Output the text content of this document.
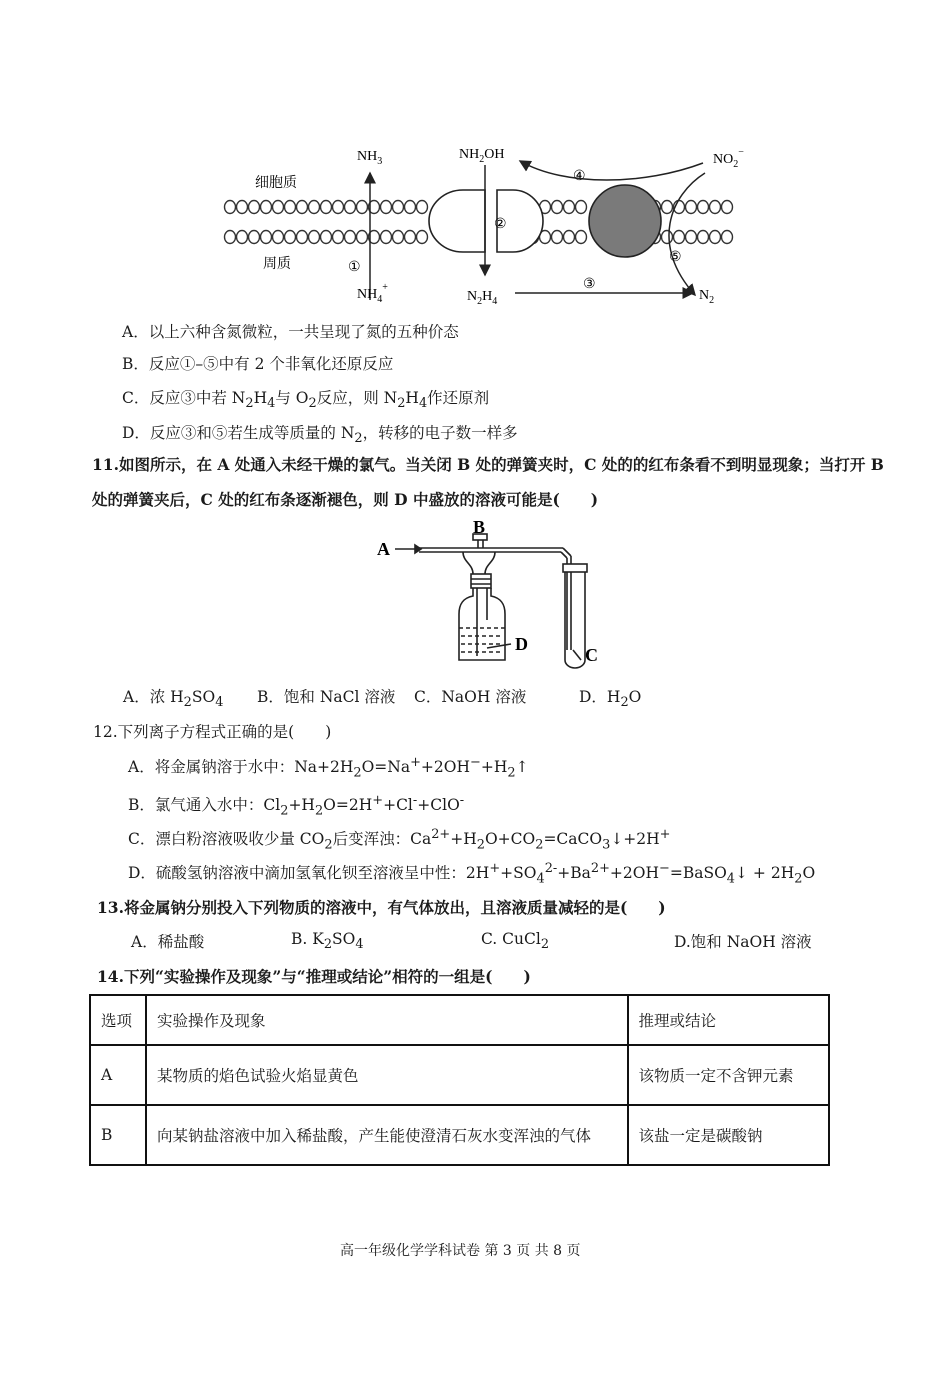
细胞质
周质
$NH_3$
$NH_4^+$
$NH_2OH$	$NO_2^-$
$N_2H_4$	$N_2$
①
②
③
④
⑤
A．以上六种含氮微粒，一共呈现了氮的五种价态
B．反应①–⑤中有 2 个非氧化还原反应
C．反应③中若 $N_2H_4$与 $O_2$反应，则 $N_2H_4$作还原剂
D．反应③和⑤若生成等质量的 $N_2$，转移的电子数一样多
11.如图所示，在 A 处通入未经干燥的氯气。当关闭 B 处的弹簧夹时，C 处的的红布条看不到明显现象；当打开 B
处的弹簧夹后，C 处的红布条逐渐褪色，则 D 中盛放的溶液可能是(　　)
A
B
C
D
A．浓 $H_2SO_4$ B．饱和 NaCl 溶液 C．NaOH 溶液	D．$H_2O$
12.下列离子方程式正确的是(　　)
A．将金属钠溶于水中：$Na+2H_2O=Na^++2OH^-+H_2↑$
B．氯气通入水中：$Cl_2+H_2O=2H^++Cl^-+ClO^-$
C．漂白粉溶液吸收少量 $CO_2$后变浑浊：$Ca^{2+}+H_2O+CO_2=CaCO_3↓+2H^+$
D．硫酸氢钠溶液中滴加氢氧化钡至溶液呈中性：$2H^++SO_4^{2-}+Ba^{2+}+2OH^-=BaSO_4↓ + 2H_2O$
13.将金属钠分别投入下列物质的溶液中，有气体放出，且溶液质量减轻的是(　　)
A．稀盐酸	B. $K_2SO_4$	C. CuCl$_2$	D.饱和 NaOH 溶液
14.下列“实验操作及现象”与“推理或结论”相符的一组是(　　)
选项	实验操作及现象	推理或结论
A	某物质的焰色试验火焰显黄色	该物质一定不含钾元素
B	向某钠盐溶液中加入稀盐酸，产生能使澄清石灰水变浑浊的气体	该盐一定是碳酸钠
高一年级化学学科试卷 第 3 页 共 8 页
